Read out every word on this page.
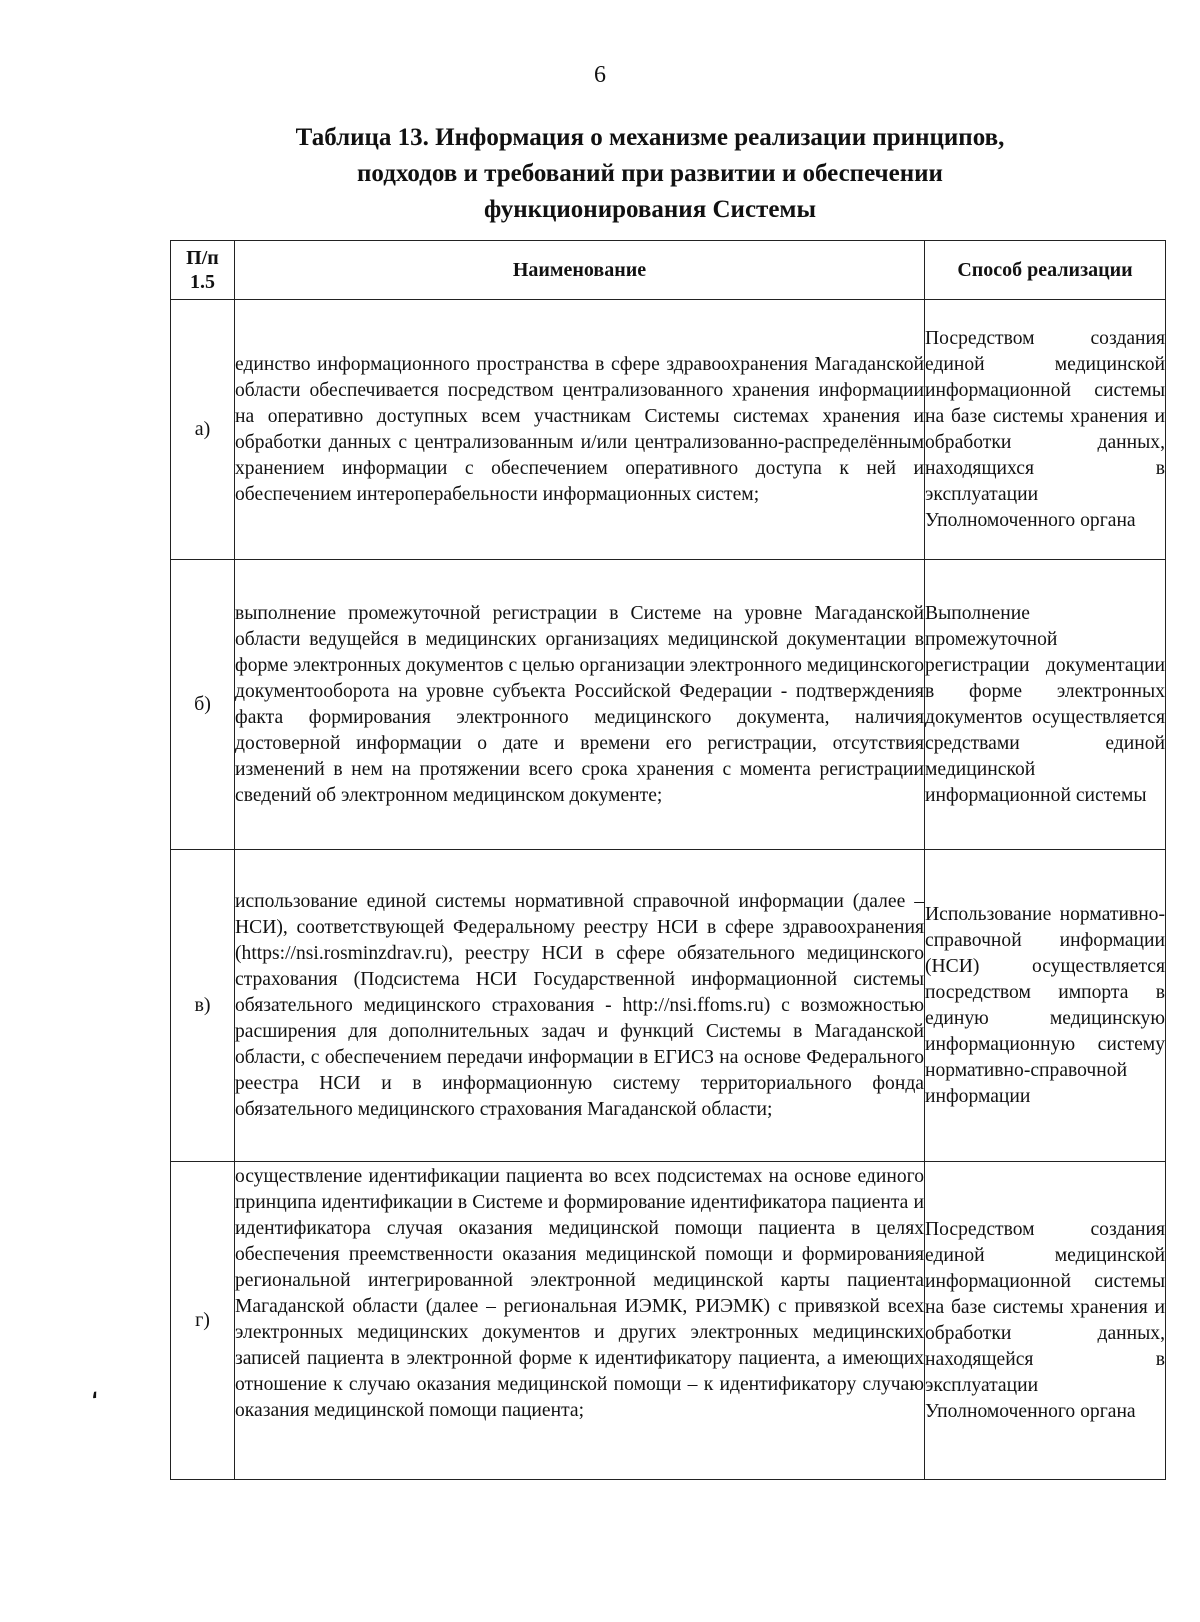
6
Таблица 13. Информация о механизме реализации принципов,
подходов и требований при развитии и обеспечении
функционирования Системы
П/п
1.5	Наименование	Способ реализации
а)	единство информационного пространства в сфере здравоохранения Магаданской области обеспечивается посредством централизованного хранения информации на оперативно доступных всем участникам Системы системах хранения и обработки данных с централизованным и/или централизованно-распределённым хранением информации с обеспечением оперативного доступа к ней и обеспечением интероперабельности информационных систем;	Посредством создания единой медицинской информационной системы на базе системы хранения и обработки данных, находящихся в эксплуатации Уполномоченного органа
б)	выполнение промежуточной регистрации в Системе на уровне Магаданской области ведущейся в медицинских организациях медицинской документации в форме электронных документов с целью организации электронного медицинского документооборота на уровне субъекта Российской Федерации - подтверждения факта формирования электронного медицинского документа, наличия достоверной информации о дате и времени его регистрации, отсутствия изменений в нем на протяжении всего срока хранения с момента регистрации сведений об электронном медицинском документе;	Выполнение промежуточной регистрации документации в форме электронных документов осуществляется средствами единой медицинской информационной системы
в)	использование единой системы нормативной справочной информации (далее – НСИ), соответствующей Федеральному реестру НСИ в сфере здравоохранения (https://nsi.rosminzdrav.ru), реестру НСИ в сфере обязательного медицинского страхования (Подсистема НСИ Государственной информационной системы обязательного медицинского страхования - http://nsi.ffoms.ru) с возможностью расширения для дополнительных задач и функций Системы в Магаданской области, с обеспечением передачи информации в ЕГИСЗ на основе Федерального реестра НСИ и в информационную систему территориального фонда обязательного медицинского страхования Магаданской области;	Использование нормативно-справочной информации (НСИ) осуществляется посредством импорта в единую медицинскую информационную систему нормативно-справочной информации
г)	осуществление идентификации пациента во всех подсистемах на основе единого принципа идентификации в Системе и формирование идентификатора пациента и идентификатора случая оказания медицинской помощи пациента в целях обеспечения преемственности оказания медицинской помощи и формирования региональной интегрированной электронной медицинской карты пациента Магаданской области (далее – региональная ИЭМК, РИЭМК) с привязкой всех электронных медицинских документов и других электронных медицинских записей пациента в электронной форме к идентификатору пациента, а имеющих отношение к случаю оказания медицинской помощи – к идентификатору случаю оказания медицинской помощи пациента;	Посредством создания единой медицинской информационной системы на базе системы хранения и обработки данных, находящейся в эксплуатации Уполномоченного органа
⸲
